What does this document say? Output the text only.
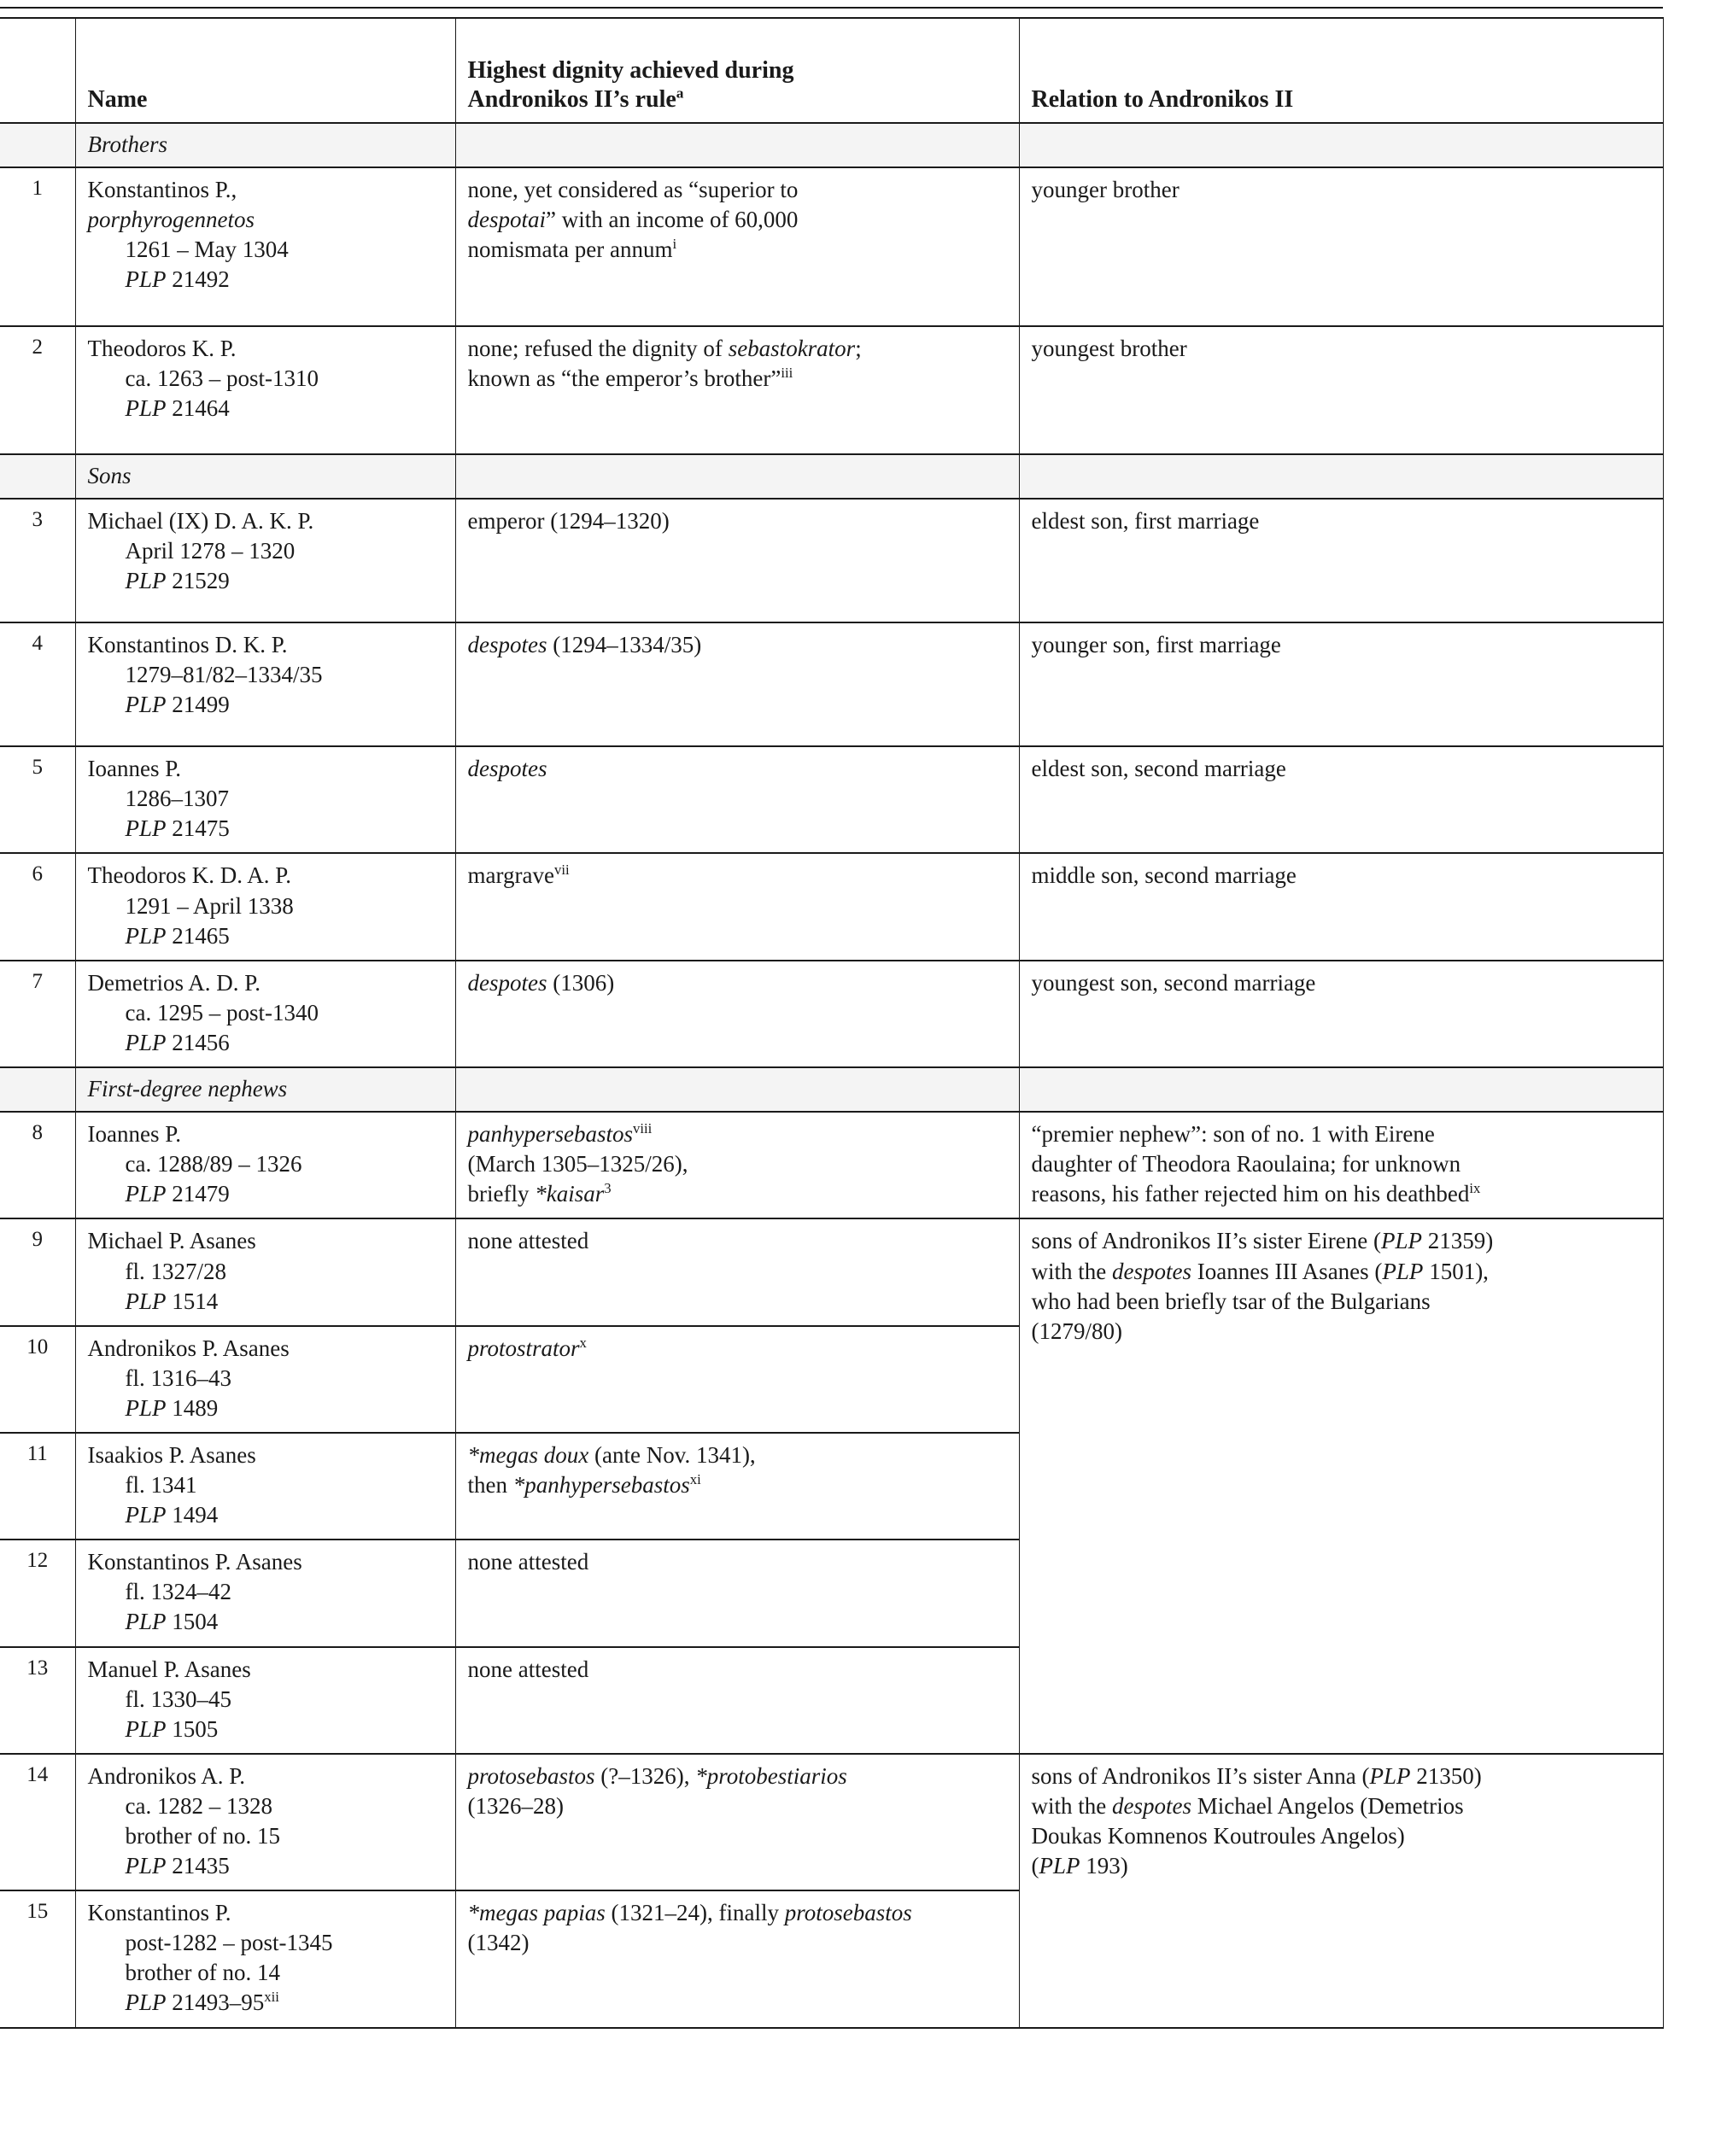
	Name	Highest dignity achieved during
Andronikos II’s rule$^a$	Relation to Andronikos II
	Brothers		
1	Konstantinos P.,
porphyrogennetos
1261 – May 1304
PLP 21492	none, yet considered as “superior to
despotai” with an income of 60,000
nomismata per annum$^i$	younger brother
2	Theodoros K. P.
ca. 1263 – post-1310
PLP 21464	none; refused the dignity of sebastokrator;
known as “the emperor’s brother”$^{iii}$	youngest brother
	Sons		
3	Michael (IX) D. A. K. P.
April 1278 – 1320
PLP 21529	emperor (1294–1320)	eldest son, first marriage
4	Konstantinos D. K. P.
1279–81/82–1334/35
PLP 21499	despotes (1294–1334/35)	younger son, first marriage
5	Ioannes P.
1286–1307
PLP 21475	despotes	eldest son, second marriage
6	Theodoros K. D. A. P.
1291 – April 1338
PLP 21465	margrave$^{vii}$	middle son, second marriage
7	Demetrios A. D. P.
ca. 1295 – post-1340
PLP 21456	despotes (1306)	youngest son, second marriage
	First-degree nephews		
8	Ioannes P.
ca. 1288/89 – 1326
PLP 21479	panhypersebastos$^{viii}$
(March 1305–1325/26),
briefly *kaisar$^3$	“premier nephew”: son of no. 1 with Eirene
daughter of Theodora Raoulaina; for unknown
reasons, his father rejected him on his deathbed$^{ix}$
9	Michael P. Asanes
fl. 1327/28
PLP 1514	none attested	sons of Andronikos II’s sister Eirene (PLP 21359)
with the despotes Ioannes III Asanes (PLP 1501),
who had been briefly tsar of the Bulgarians
(1279/80)
10	Andronikos P. Asanes
fl. 1316–43
PLP 1489	protostrator$^x$
11	Isaakios P. Asanes
fl. 1341
PLP 1494	*megas doux (ante Nov. 1341),
then *panhypersebastos$^{xi}$
12	Konstantinos P. Asanes
fl. 1324–42
PLP 1504	none attested	
13	Manuel P. Asanes
fl. 1330–45
PLP 1505	none attested	
14	Andronikos A. P.
ca. 1282 – 1328
brother of no. 15
PLP 21435	protosebastos (?–1326), *protobestiarios
(1326–28)	sons of Andronikos II’s sister Anna (PLP 21350)
with the despotes Michael Angelos (Demetrios
Doukas Komnenos Koutroules Angelos)
(PLP 193)
15	Konstantinos P.
post-1282 – post-1345
brother of no. 14
PLP 21493–95$^{xii}$	*megas papias (1321–24), finally protosebastos
(1342)	
